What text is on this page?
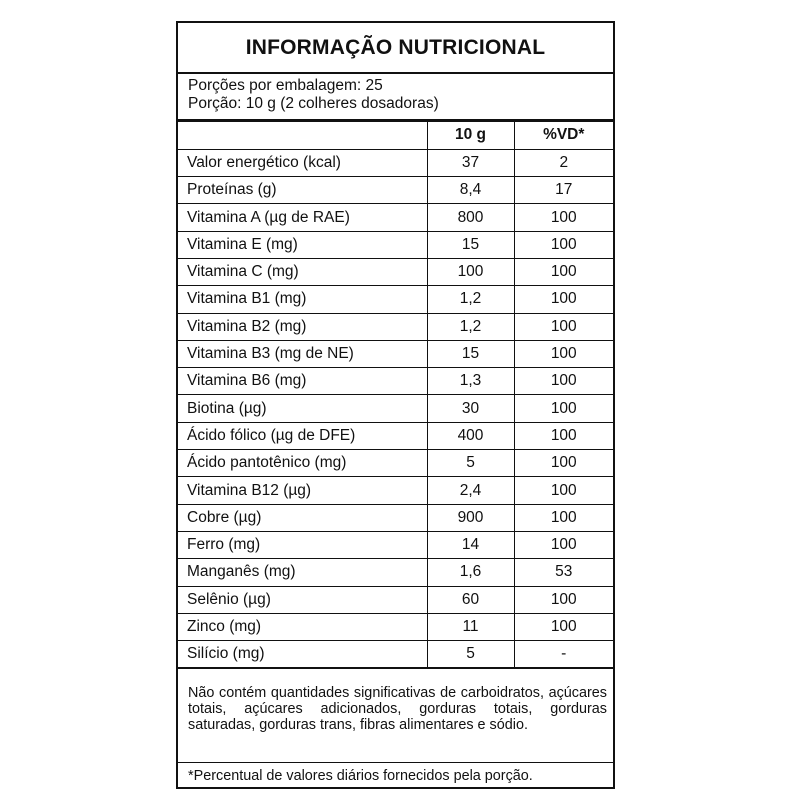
INFORMAÇÃO NUTRICIONAL
Porções por embalagem: 25
Porção: 10 g (2 colheres dosadoras)
	10 g	%VD*
Valor energético (kcal)	37	2
Proteínas (g)	8,4	17
Vitamina A (µg de RAE)	800	100
Vitamina E (mg)	15	100
Vitamina C (mg)	100	100
Vitamina B1 (mg)	1,2	100
Vitamina B2 (mg)	1,2	100
Vitamina B3 (mg de NE)	15	100
Vitamina B6 (mg)	1,3	100
Biotina (µg)	30	100
Ácido fólico (µg de DFE)	400	100
Ácido pantotênico (mg)	5	100
Vitamina B12 (µg)	2,4	100
Cobre (µg)	900	100
Ferro (mg)	14	100
Manganês (mg)	1,6	53
Selênio (µg)	60	100
Zinco (mg)	11	100
Silício (mg)	5	-
Não contém quantidades significativas de carboidratos, açúcares totais, açúcares adicionados, gorduras totais, gorduras saturadas, gorduras trans, fibras alimentares e sódio.
*Percentual de valores diários fornecidos pela porção.
